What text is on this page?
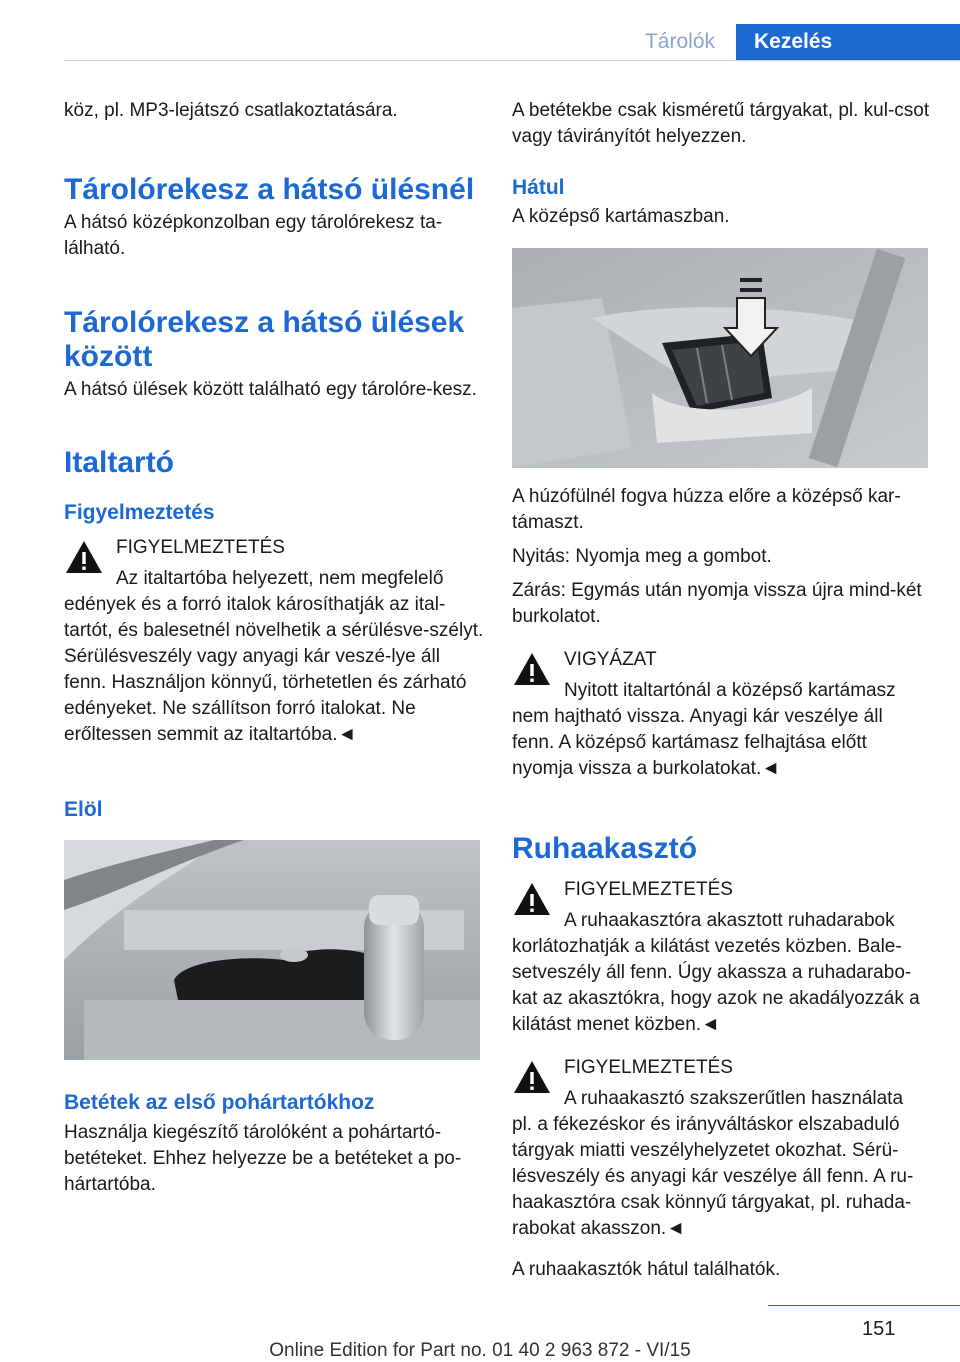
Tárolók	Kezelés

köz, pl. MP3-lejátszó csatlakoztatására.

Tárolórekesz a hátsó ülésnél

A hátsó középkonzolban egy tárolórekesz ta-lálható.

Tárolórekesz a hátsó ülések
között

A hátsó ülések között található egy tárolóre-kesz.

Italtartó
Figyelmeztetés

FIGYELMEZTETÉS

Az italtartóba helyezett, nem megfelelő

edények és a forró italok károsíthatják az ital-tartót, és balesetnél növelhetik a sérülésve-szélyt. Sérülésveszély vagy anyagi kár veszé-lye áll fenn. Használjon könnyű, törhetetlen és zárható edényeket. Ne szállítson forró italokat. Ne erőltessen semmit az italtartóba.◄

Elöl
Betétek az első pohártartókhoz

Használja kiegészítő tárolóként a pohártartó-betéteket. Ehhez helyezze be a betéteket a po-hártartóba.

A betétekbe csak kisméretű tárgyakat, pl. kul-csot vagy távirányítót helyezzen.

Hátul

A középső kartámaszban.

A húzófülnél fogva húzza előre a középső kar-támaszt.

Nyitás: Nyomja meg a gombot.

Zárás: Egymás után nyomja vissza újra mind-két burkolatot.

VIGYÁZAT

Nyitott italtartónál a középső kartámasz

nem hajtható vissza. Anyagi kár veszélye áll fenn. A középső kartámasz felhajtása előtt nyomja vissza a burkolatokat.◄

Ruhaakasztó

FIGYELMEZTETÉS

A ruhaakasztóra akasztott ruhadarabok

korlátozhatják a kilátást vezetés közben. Bale-setveszély áll fenn. Úgy akassza a ruhadarabo-kat az akasztókra, hogy azok ne akadályozzák a kilátást menet közben.◄

FIGYELMEZTETÉS

A ruhaakasztó szakszerűtlen használata

pl. a fékezéskor és irányváltáskor elszabaduló tárgyak miatti veszélyhelyzetet okozhat. Sérü-lésveszély és anyagi kár veszélye áll fenn. A ru-haakasztóra csak könnyű tárgyakat, pl. ruhada-rabokat akasszon.◄

A ruhaakasztók hátul találhatók.

151
Online Edition for Part no. 01 40 2 963 872 - VI/15
